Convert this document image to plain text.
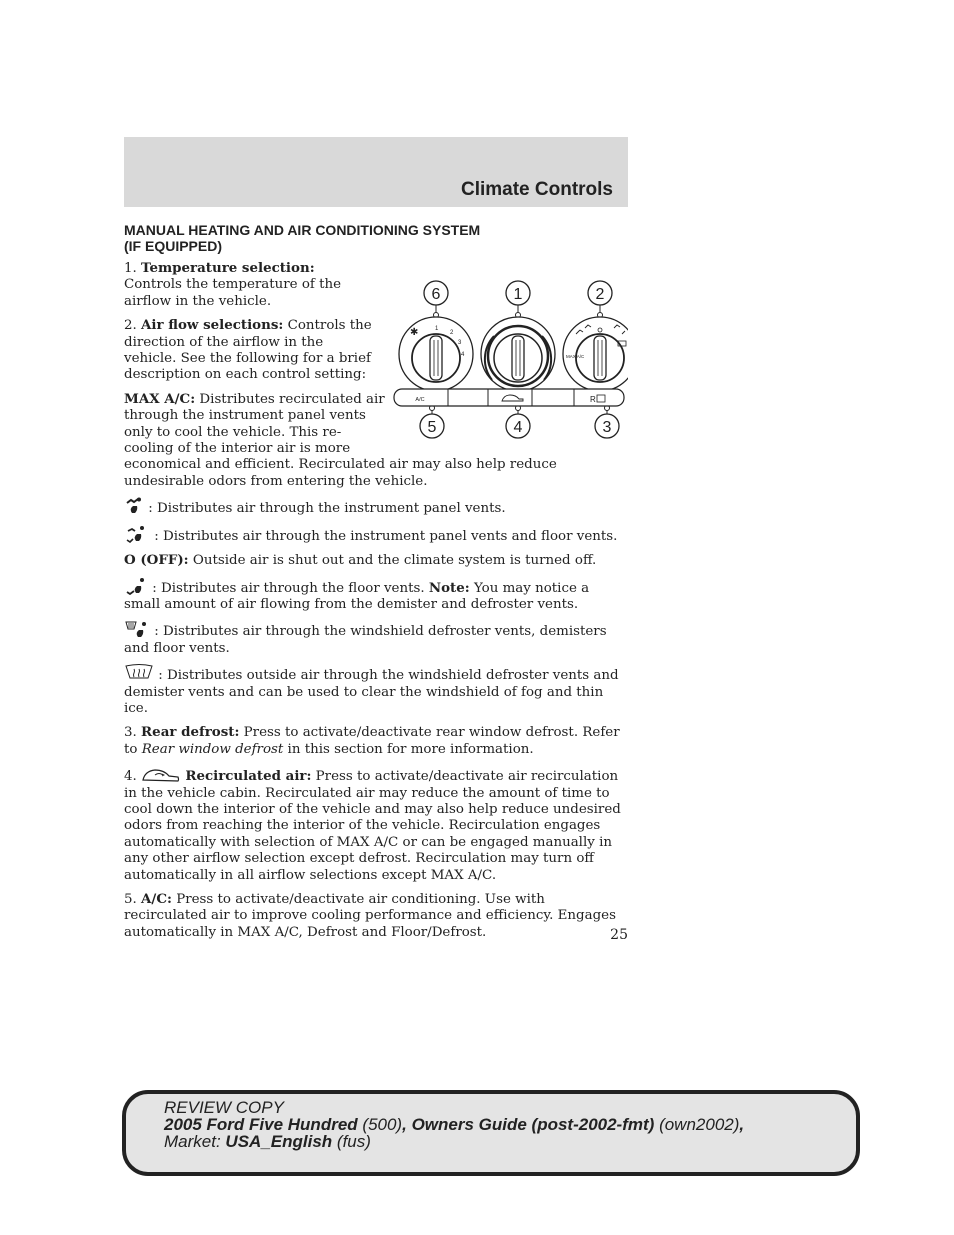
Climate Controls
MANUAL HEATING AND AIR CONDITIONING SYSTEM
(IF EQUIPPED)
6	1	2
5	4	3
✱	1
2
3
4	MAX A/C
A/C	R

1. Temperature selection: Controls the temperature of the airflow in the vehicle.

2. Air flow selections: Controls the direction of the airflow in the vehicle. See the following for a brief description on each control setting:

MAX A/C: Distributes recirculated air through the instrument panel vents only to cool the vehicle. This re-cooling of the interior air is more economical and efficient. Recirculated air may also help reduce undesirable odors from entering the vehicle.

: Distributes air through the instrument panel vents.

: Distributes air through the instrument panel vents and floor vents.

O (OFF): Outside air is shut out and the climate system is turned off.

: Distributes air through the floor vents. Note: You may notice a small amount of air flowing from the demister and defroster vents.

: Distributes air through the windshield defroster vents, demisters and floor vents.

: Distributes outside air through the windshield defroster vents and demister vents and can be used to clear the windshield of fog and thin ice.

3. Rear defrost: Press to activate/deactivate rear window defrost. Refer to Rear window defrost in this section for more information.

4.	Recirculated air: Press to activate/deactivate air recirculation in the vehicle cabin. Recirculated air may reduce the amount of time to cool down the interior of the vehicle and may also help reduce undesired odors from reaching the interior of the vehicle. Recirculation engages automatically with selection of MAX A/C or can be engaged manually in any other airflow selection except defrost. Recirculation may turn off automatically in all airflow selections except MAX A/C.

5. A/C: Press to activate/deactivate air conditioning. Use with recirculated air to improve cooling performance and efficiency. Engages automatically in MAX A/C, Defrost and Floor/Defrost.	25
REVIEW COPY
2005 Ford Five Hundred (500), Owners Guide (post-2002-fmt) (own2002),
Market: USA_English (fus)
